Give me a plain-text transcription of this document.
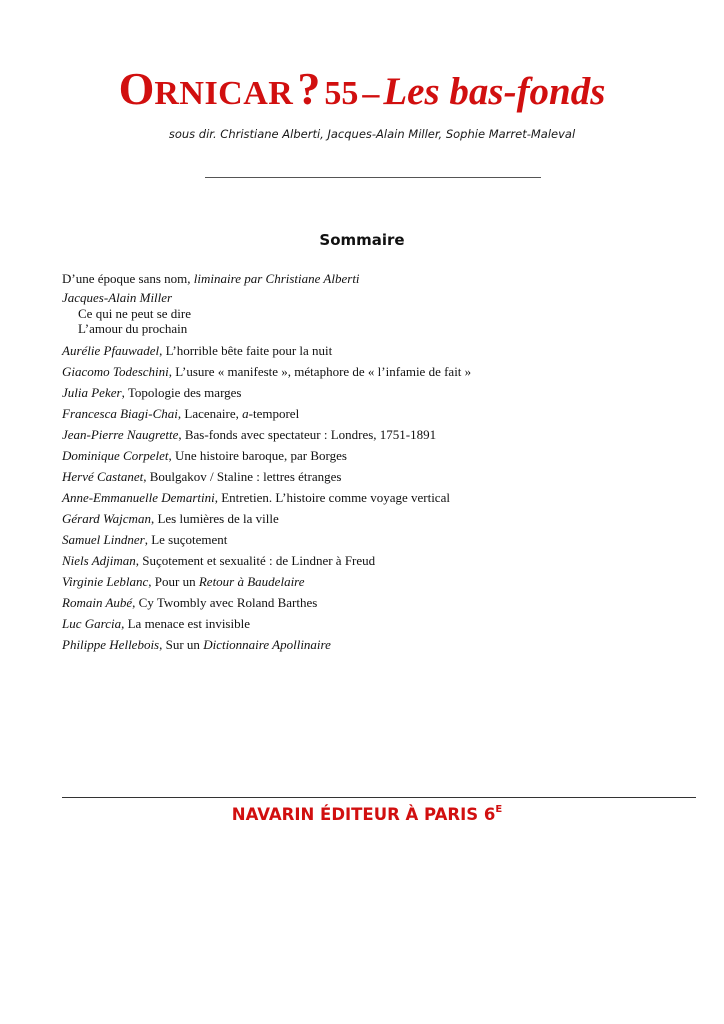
ORNICAR ? 55 – Les bas-fonds
sous dir. Christiane Alberti, Jacques-Alain Miller, Sophie Marret-Maleval
Sommaire
D’une époque sans nom, liminaire par Christiane Alberti
Jacques-Alain Miller
Ce qui ne peut se dire
L’amour du prochain
Aurélie Pfauwadel, L’horrible bête faite pour la nuit
Giacomo Todeschini, L’usure « manifeste », métaphore de « l’infamie de fait »
Julia Peker, Topologie des marges
Francesca Biagi-Chai, Lacenaire, a-temporel
Jean-Pierre Naugrette, Bas-fonds avec spectateur : Londres, 1751-1891
Dominique Corpelet, Une histoire baroque, par Borges
Hervé Castanet, Boulgakov / Staline : lettres étranges
Anne-Emmanuelle Demartini, Entretien. L’histoire comme voyage vertical
Gérard Wajcman, Les lumières de la ville
Samuel Lindner, Le suçotement
Niels Adjiman, Suçotement et sexualité : de Lindner à Freud
Virginie Leblanc, Pour un Retour à Baudelaire
Romain Aubé, Cy Twombly avec Roland Barthes
Luc Garcia, La menace est invisible
Philippe Hellebois, Sur un Dictionnaire Apollinaire
NAVARIN ÉDITEUR À PARIS $6^E$
